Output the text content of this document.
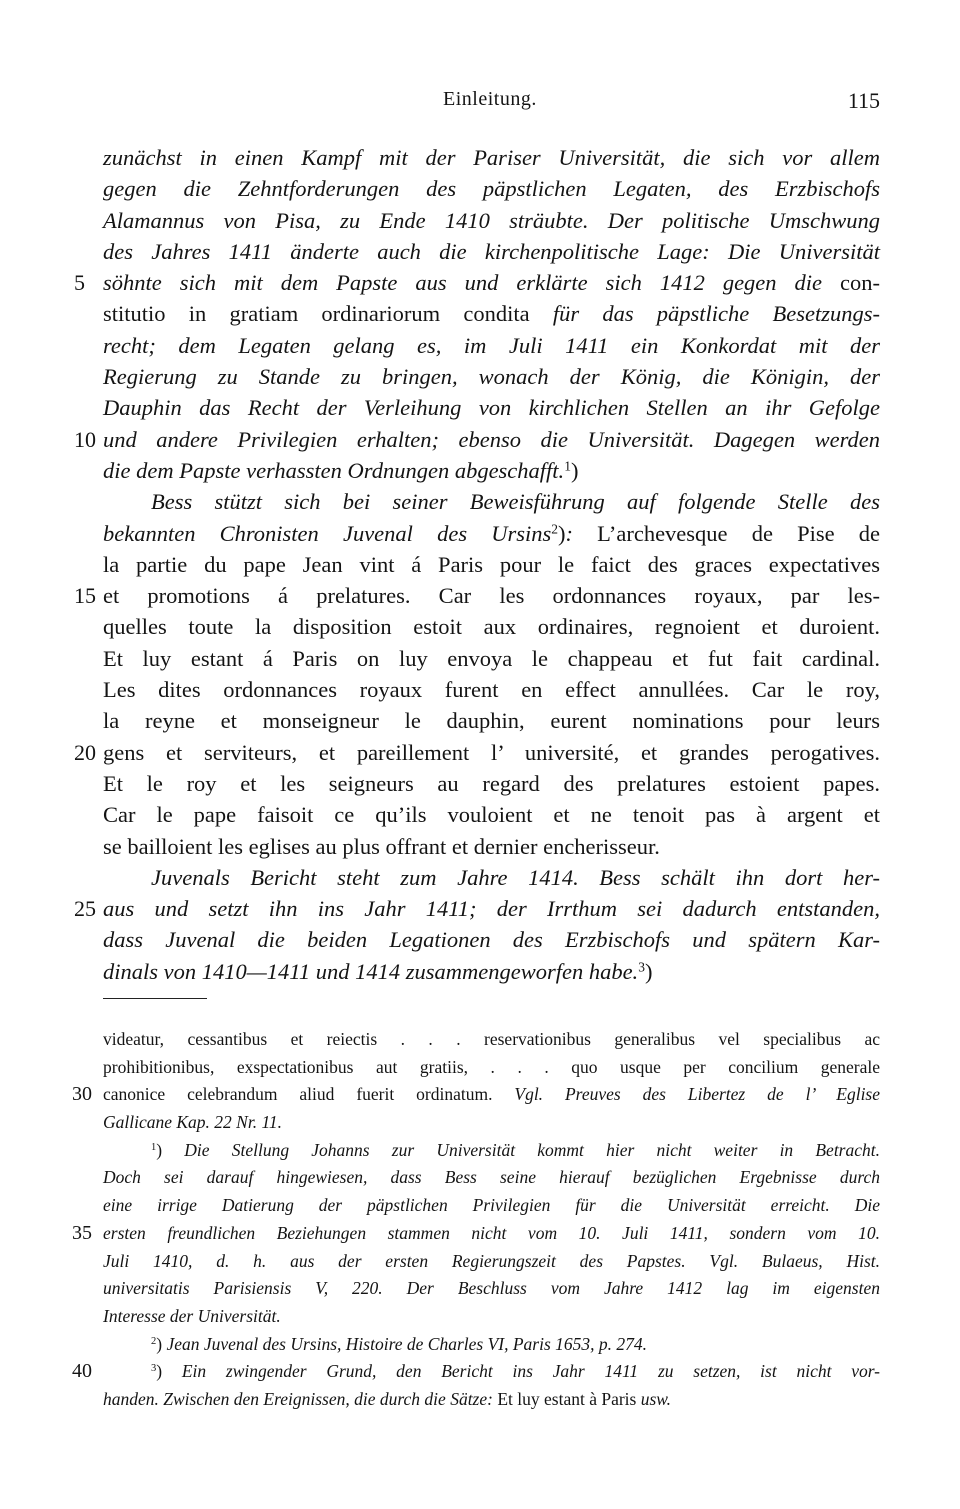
Einleitung.	115
zunächst in einen Kampf mit der Pariser Universität, die sich vor allem
gegen die Zehntforderungen des päpstlichen Legaten, des Erzbischofs
Alamannus von Pisa, zu Ende 1410 sträubte. Der politische Umschwung
des Jahres 1411 änderte auch die kirchenpolitische Lage: Die Universität
5 söhnte sich mit dem Papste aus und erklärte sich 1412 gegen die con-
stitutio in gratiam ordinariorum condita für das päpstliche Besetzungs-
recht; dem Legaten gelang es, im Juli 1411 ein Konkordat mit der
Regierung zu Stande zu bringen, wonach der König, die Königin, der
Dauphin das Recht der Verleihung von kirchlichen Stellen an ihr Gefolge
10 und andere Privilegien erhalten; ebenso die Universität. Dagegen werden
die dem Papste verhassten Ordnungen abgeschafft.$^1$)
Bess stützt sich bei seiner Beweisführung auf folgende Stelle des
bekannten Chronisten Juvenal des Ursins$^2$): L’archevesque de Pise de
la partie du pape Jean vint á Paris pour le faict des graces expectatives
15 et promotions á prelatures. Car les ordonnances royaux, par les-
quelles toute la disposition estoit aux ordinaires, regnoient et duroient.
Et luy estant á Paris on luy envoya le chappeau et fut fait cardinal.
Les dites ordonnances royaux furent en effect annullées. Car le roy,
la reyne et monseigneur le dauphin, eurent nominations pour leurs
20 gens et serviteurs, et pareillement l’ université, et grandes perogatives.
Et le roy et les seigneurs au regard des prelatures estoient papes.
Car le pape faisoit ce qu’ils vouloient et ne tenoit pas à argent et
se bailloient les eglises au plus offrant et dernier encherisseur.
Juvenals Bericht steht zum Jahre 1414. Bess schält ihn dort her-
25 aus und setzt ihn ins Jahr 1411; der Irrthum sei dadurch entstanden,
dass Juvenal die beiden Legationen des Erzbischofs und spätern Kar-
dinals von 1410—1411 und 1414 zusammengeworfen habe.$^3$)
videatur, cessantibus et reiectis . . . reservationibus generalibus vel specialibus ac
prohibitionibus, exspectationibus aut gratiis, . . . quo usque per concilium generale
30 canonice celebrandum aliud fuerit ordinatum. Vgl. Preuves des Libertez de l’ Eglise
Gallicane Kap. 22 Nr. 11.
$^1$) Die Stellung Johanns zur Universität kommt hier nicht weiter in Betracht.
Doch sei darauf hingewiesen, dass Bess seine hierauf bezüglichen Ergebnisse durch
eine irrige Datierung der päpstlichen Privilegien für die Universität erreicht. Die
35 ersten freundlichen Beziehungen stammen nicht vom 10. Juli 1411, sondern vom 10.
Juli 1410, d. h. aus der ersten Regierungszeit des Papstes. Vgl. Bulaeus, Hist.
universitatis Parisiensis V, 220. Der Beschluss vom Jahre 1412 lag im eigensten
Interesse der Universität.
$^2$) Jean Juvenal des Ursins, Histoire de Charles VI, Paris 1653, p. 274.
40	$^3$) Ein zwingender Grund, den Bericht ins Jahr 1411 zu setzen, ist nicht vor-
handen. Zwischen den Ereignissen, die durch die Sätze: Et luy estant à Paris usw.
